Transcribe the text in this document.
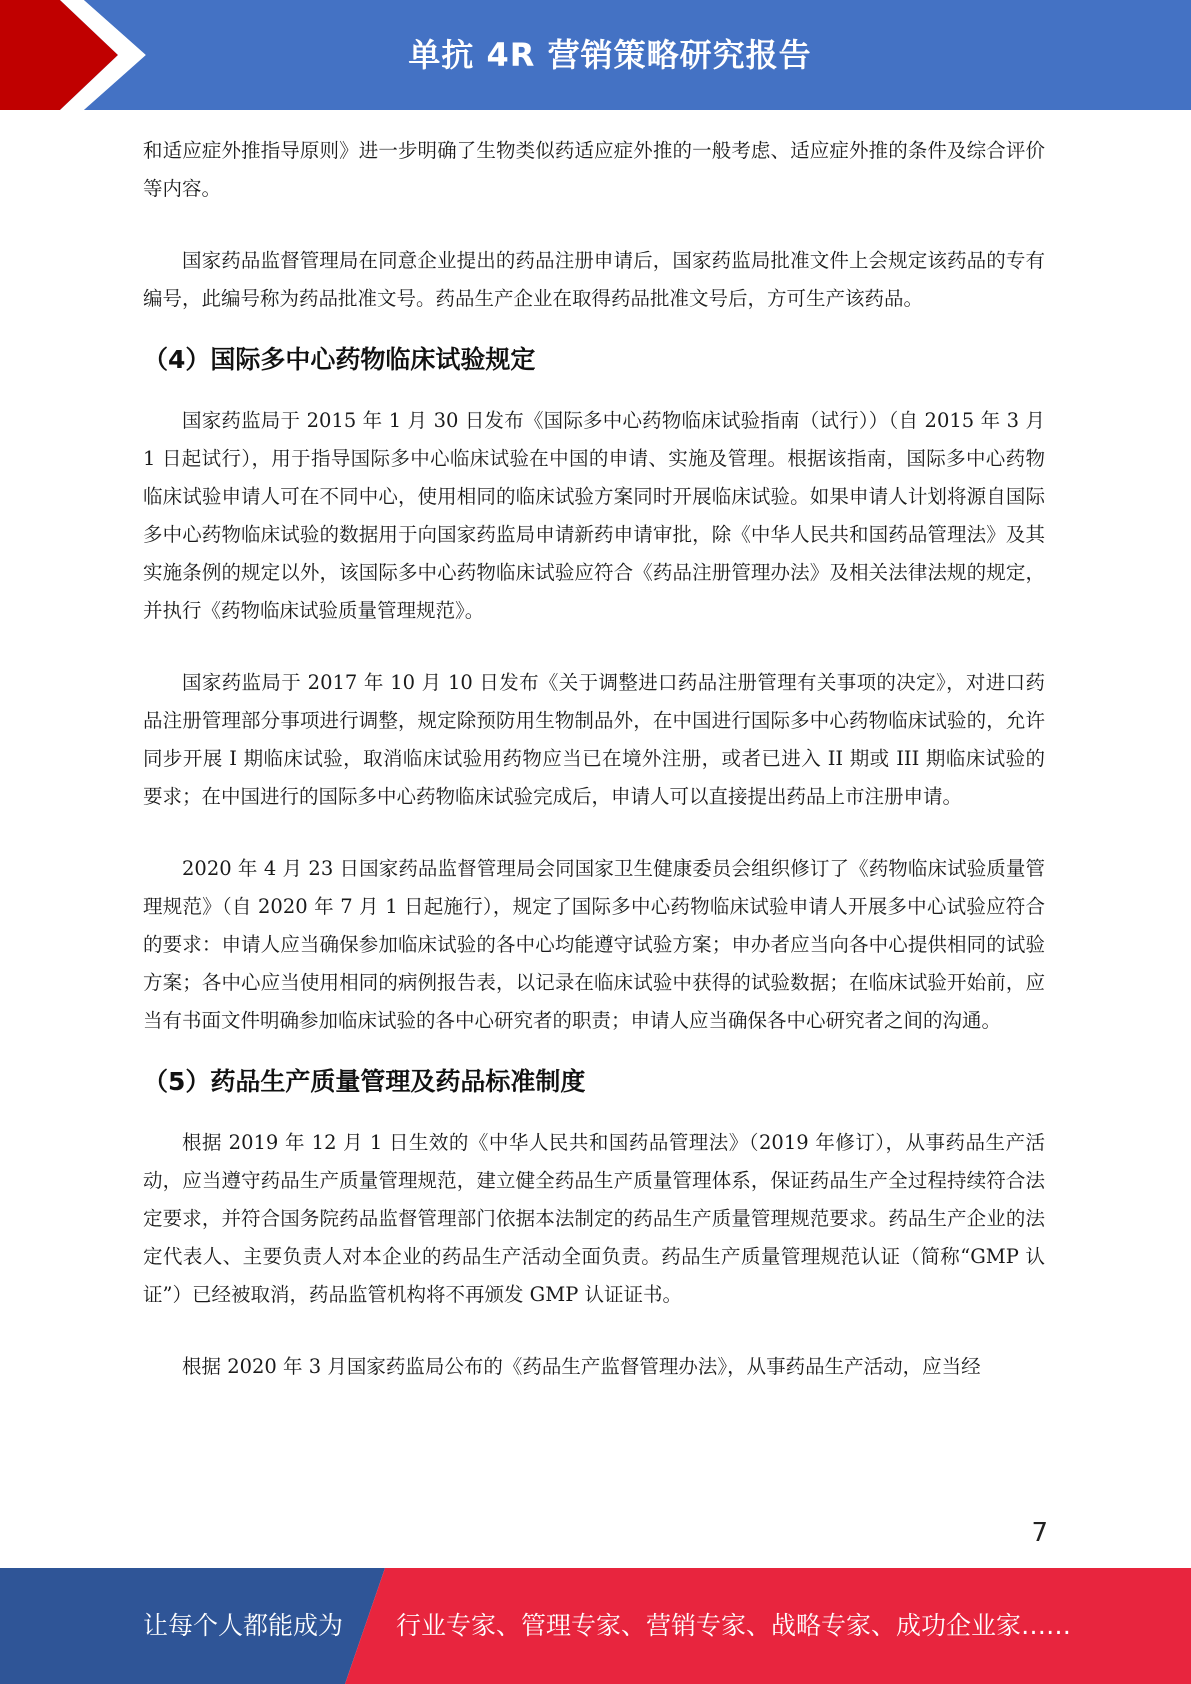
单抗 4R 营销策略研究报告

和适应症外推指导原则》进一步明确了生物类似药适应症外推的一般考虑、适应症外推的条件及综合评价等内容。

国家药品监督管理局在同意企业提出的药品注册申请后，国家药监局批准文件上会规定该药品的专有编号，此编号称为药品批准文号。药品生产企业在取得药品批准文号后，方可生产该药品。

（4）国际多中心药物临床试验规定

国家药监局于 2015 年 1 月 30 日发布《国际多中心药物临床试验指南（试行））（自 2015 年 3 月 1 日起试行），用于指导国际多中心临床试验在中国的申请、实施及管理。根据该指南，国际多中心药物临床试验申请人可在不同中心，使用相同的临床试验方案同时开展临床试验。如果申请人计划将源自国际多中心药物临床试验的数据用于向国家药监局申请新药申请审批，除《中华人民共和国药品管理法》及其实施条例的规定以外，该国际多中心药物临床试验应符合《药品注册管理办法》及相关法律法规的规定，并执行《药物临床试验质量管理规范》。

国家药监局于 2017 年 10 月 10 日发布《关于调整进口药品注册管理有关事项的决定》，对进口药品注册管理部分事项进行调整，规定除预防用生物制品外，在中国进行国际多中心药物临床试验的，允许同步开展 I 期临床试验，取消临床试验用药物应当已在境外注册，或者已进入 II 期或 III 期临床试验的要求；在中国进行的国际多中心药物临床试验完成后，申请人可以直接提出药品上市注册申请。

2020 年 4 月 23 日国家药品监督管理局会同国家卫生健康委员会组织修订了《药物临床试验质量管理规范》（自 2020 年 7 月 1 日起施行），规定了国际多中心药物临床试验申请人开展多中心试验应符合的要求：申请人应当确保参加临床试验的各中心均能遵守试验方案；申办者应当向各中心提供相同的试验方案；各中心应当使用相同的病例报告表，以记录在临床试验中获得的试验数据；在临床试验开始前，应当有书面文件明确参加临床试验的各中心研究者的职责；申请人应当确保各中心研究者之间的沟通。

（5）药品生产质量管理及药品标准制度

根据 2019 年 12 月 1 日生效的《中华人民共和国药品管理法》（2019 年修订），从事药品生产活动，应当遵守药品生产质量管理规范，建立健全药品生产质量管理体系，保证药品生产全过程持续符合法定要求，并符合国务院药品监督管理部门依据本法制定的药品生产质量管理规范要求。药品生产企业的法定代表人、主要负责人对本企业的药品生产活动全面负责。药品生产质量管理规范认证（简称“GMP 认证”）已经被取消，药品监管机构将不再颁发 GMP 认证证书。

根据 2020 年 3 月国家药监局公布的《药品生产监督管理办法》，从事药品生产活动，应当经

7
让每个人都能成为 行业专家、管理专家、营销专家、战略专家、成功企业家……
